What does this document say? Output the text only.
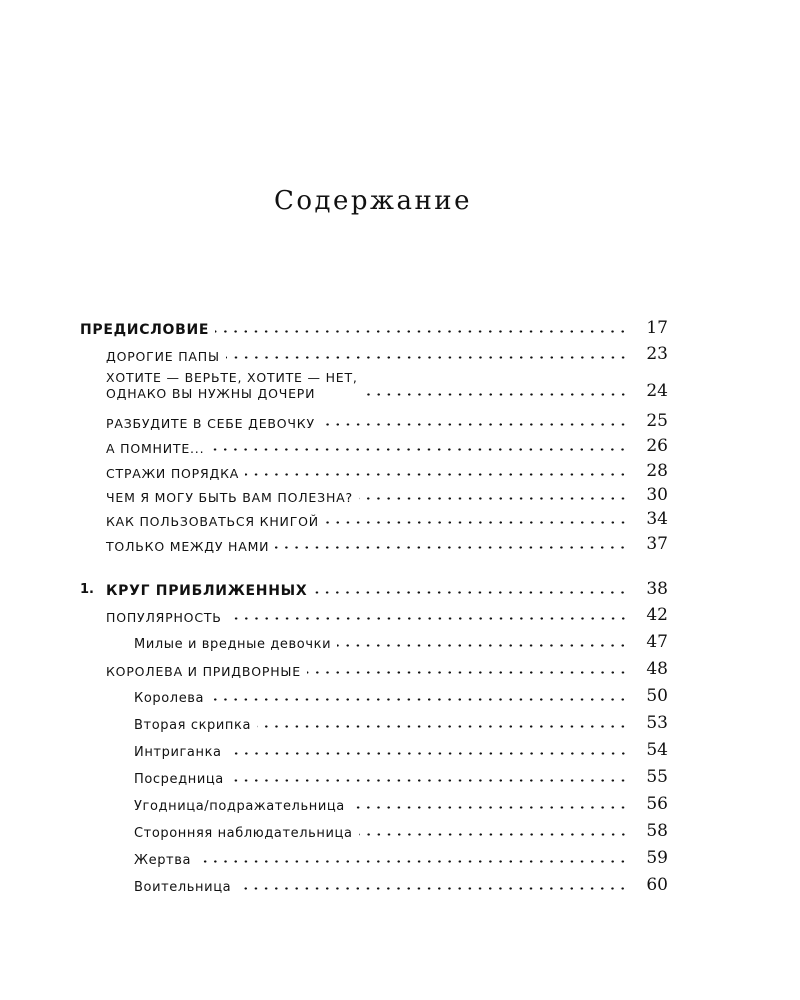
Содержание
ПРЕДИСЛОВИЕ	17
ДОРОГИЕ ПАПЫ	23
ХОТИТЕ — ВЕРЬТЕ, ХОТИТЕ — НЕТ,
ОДНАКО ВЫ НУЖНЫ ДОЧЕРИ	24
РАЗБУДИТЕ В СЕБЕ ДЕВОЧКУ	25
А ПОМНИТЕ...	26
СТРАЖИ ПОРЯДКА	28
ЧЕМ Я МОГУ БЫТЬ ВАМ ПОЛЕЗНА?	30
КАК ПОЛЬЗОВАТЬСЯ КНИГОЙ	34
ТОЛЬКО МЕЖДУ НАМИ	37
1. КРУГ ПРИБЛИЖЕННЫХ	38
ПОПУЛЯРНОСТЬ	42
Милые и вредные девочки	47
КОРОЛЕВА И ПРИДВОРНЫЕ	48
Королева	50
Вторая скрипка	53
Интриганка	54
Посредница	55
Угодница/подражательница	56
Сторонняя наблюдательница	58
Жертва	59
Воительница	60
